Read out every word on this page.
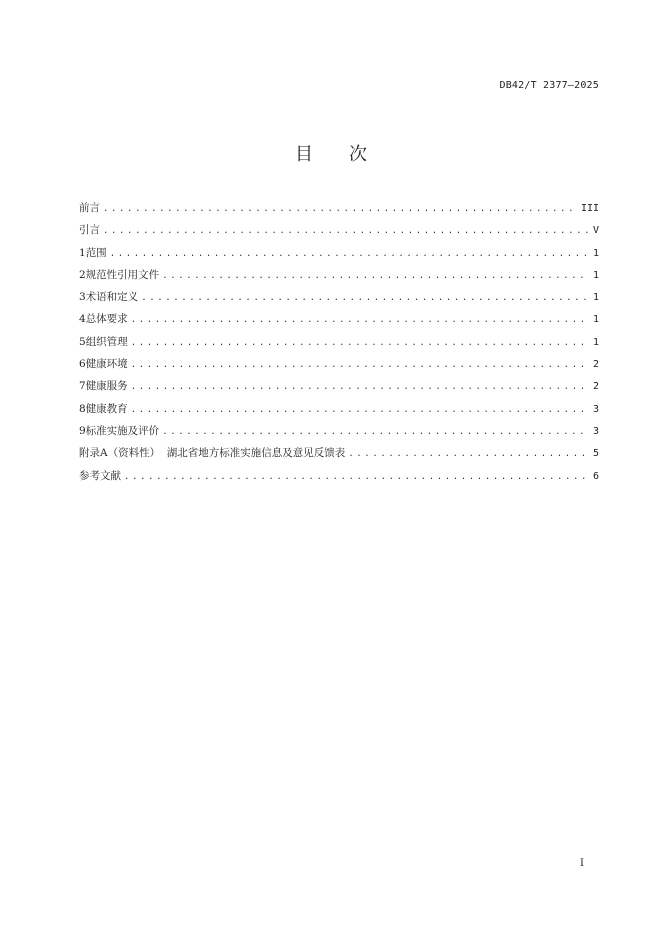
DB42/T 2377—2025
目 次
前言 .....	III
引言 .....	V
1 范围 .....	1
2 规范性引用文件 .....	1
3 术语和定义 .....	1
4 总体要求 .....	1
5 组织管理 .....	1
6 健康环境 .....	2
7 健康服务 .....	2
8 健康教育 .....	3
9 标准实施及评价 .....	3
附录A（资料性）  湖北省地方标准实施信息及意见反馈表 .....	5
参考文献 .....	6
I
